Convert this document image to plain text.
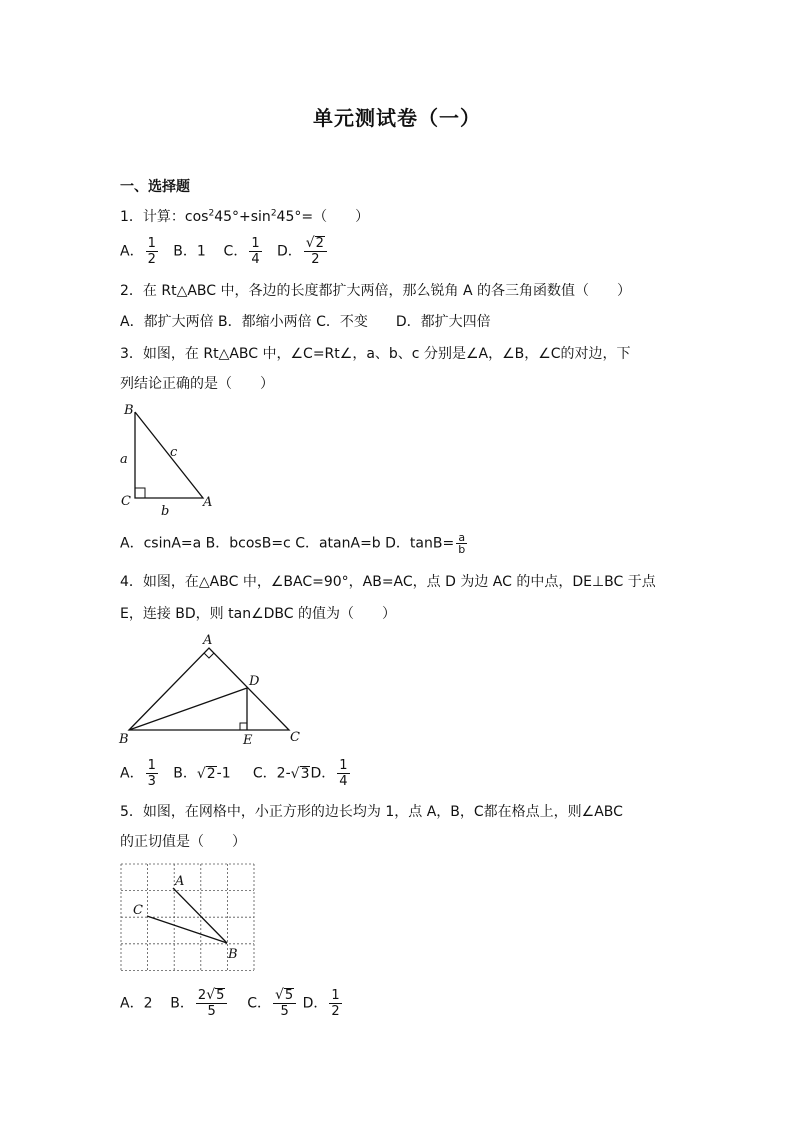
单元测试卷（一）
一、选择题
1．计算：$\cos^245^\circ+\sin^245^\circ=$（　　）
A． $\frac{1}{2}$ B．1 C． $\frac{1}{4}$ D． $\frac{√ 2}{2}$
2．在 Rt△ABC 中，各边的长度都扩大两倍，那么锐角 A 的各三角函数值（　　）
A．都扩大两倍 B．都缩小两倍 C．不变　　D．都扩大四倍
3．如图，在 Rt△ABC 中，∠C=Rt∠，a、b、c 分别是∠A，∠B，∠C的对边，下
列结论正确的是（　　）
B
a	c
C
b
A
A．csinA=a B．bcosB=c C．atanA=b D．$\tan B= \frac{a}{b}$
4．如图，在△ABC 中，∠BAC=90°，AB=AC，点 D 为边 AC 的中点，DE⊥BC 于点
E，连接 BD，则 tan∠DBC 的值为（　　）
A
D
B	E	C
A． $\frac{1}{3}$ B． √ 2 -1 C．2- √ 3 D． $\frac{1}{4}$
5．如图，在网格中，小正方形的边长均为 1，点 A，B，C都在格点上，则∠ABC
的正切值是（　　）
A
C
B
A．2 B． $\frac{2 √ 5}{5}$ C． $\frac{√ 5}{5}$ D． $\frac{1}{2}$
